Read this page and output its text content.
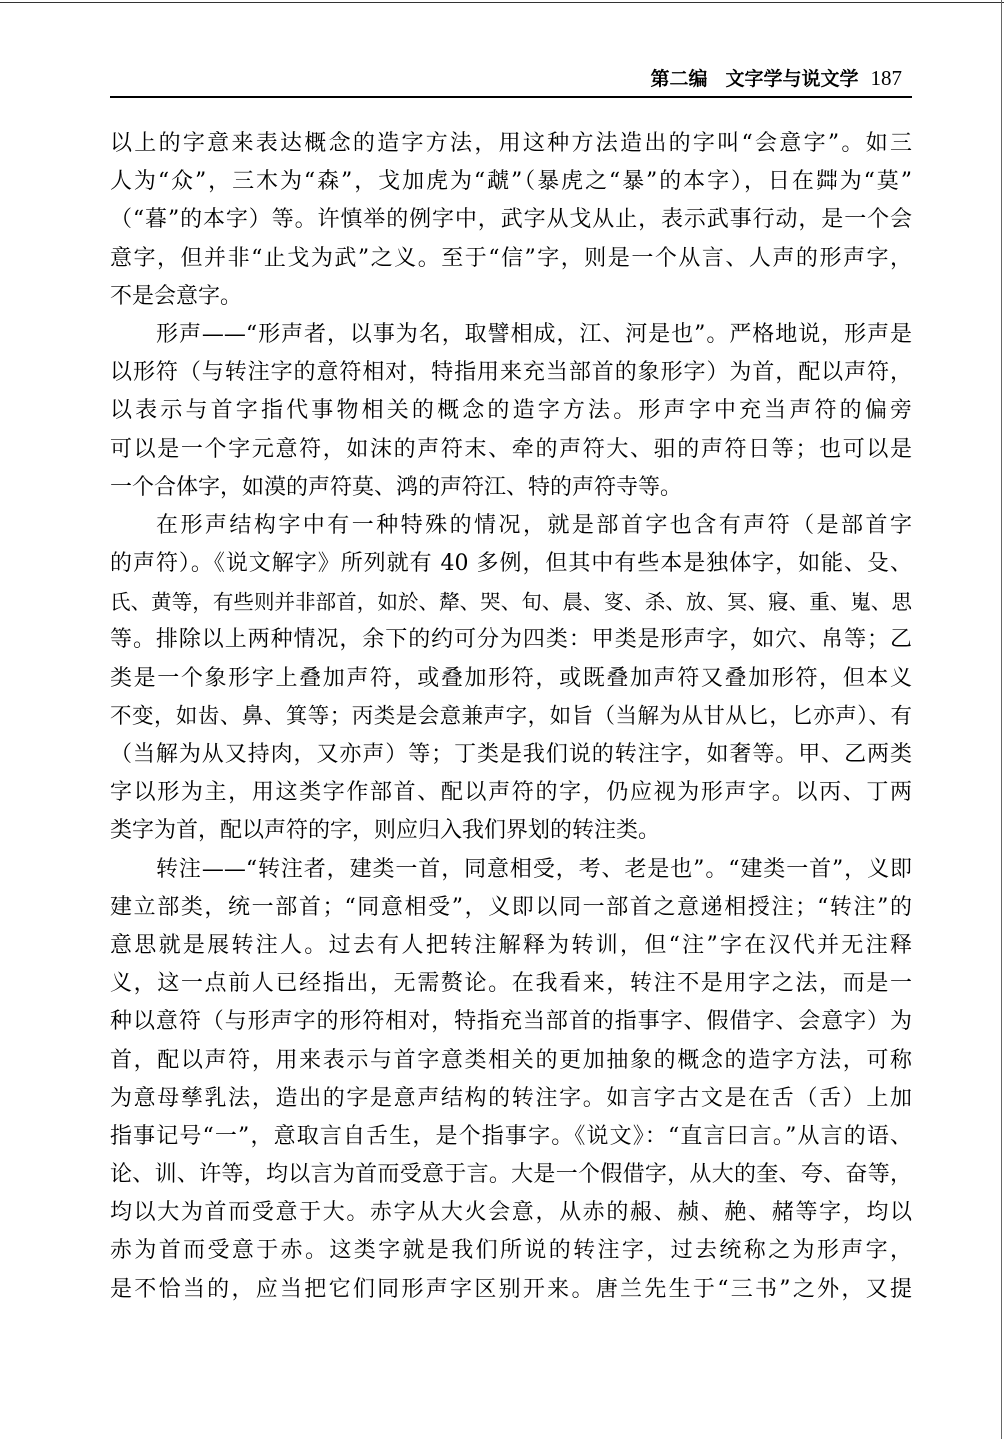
第二编 文字学与说文学 187
以上的字意来表达概念的造字方法，用这种方法造出的字叫“会意字”。如三
人为“众”，三木为“森”，戈加虎为“虣”（暴虎之“暴”的本字），日在茻为“莫”
（“暮”的本字）等。许慎举的例字中，武字从戈从止，表示武事行动，是一个会
意字，但并非“止戈为武”之义。至于“信”字，则是一个从言、人声的形声字，
不是会意字。
形声——“形声者，以事为名，取譬相成，江、河是也”。严格地说，形声是
以形符（与转注字的意符相对，特指用来充当部首的象形字）为首，配以声符，
以表示与首字指代事物相关的概念的造字方法。形声字中充当声符的偏旁
可以是一个字元意符，如沫的声符末、牵的声符大、驲的声符日等；也可以是
一个合体字，如漠的声符莫、鸿的声符江、特的声符寺等。
在形声结构字中有一种特殊的情况，就是部首字也含有声符（是部首字
的声符）。《说文解字》所列就有 40 多例，但其中有些本是独体字，如能、殳、
氏、黄等，有些则并非部首，如於、犛、哭、旬、晨、叜、杀、放、冥、寢、重、嵬、思
等。排除以上两种情况，余下的约可分为四类：甲类是形声字，如穴、帛等；乙
类是一个象形字上叠加声符，或叠加形符，或既叠加声符又叠加形符，但本义
不变，如齿、鼻、箕等；丙类是会意兼声字，如旨（当解为从甘从匕，匕亦声）、有
（当解为从又持肉，又亦声）等；丁类是我们说的转注字，如奢等。甲、乙两类
字以形为主，用这类字作部首、配以声符的字，仍应视为形声字。以丙、丁两
类字为首，配以声符的字，则应归入我们界划的转注类。
转注——“转注者，建类一首，同意相受，考、老是也”。“建类一首”，义即
建立部类，统一部首；“同意相受”，义即以同一部首之意递相授注；“转注”的
意思就是展转注人。过去有人把转注解释为转训，但“注”字在汉代并无注释
义，这一点前人已经指出，无需赘论。在我看来，转注不是用字之法，而是一
种以意符（与形声字的形符相对，特指充当部首的指事字、假借字、会意字）为
首，配以声符，用来表示与首字意类相关的更加抽象的概念的造字方法，可称
为意母孳乳法，造出的字是意声结构的转注字。如言字古文是在舌（舌）上加
指事记号“一”，意取言自舌生，是个指事字。《说文》：“直言曰言。”从言的语、
论、训、许等，均以言为首而受意于言。大是一个假借字，从大的奎、夸、奋等，
均以大为首而受意于大。赤字从大火会意，从赤的赧、赪、赩、赭等字，均以
赤为首而受意于赤。这类字就是我们所说的转注字，过去统称之为形声字，
是不恰当的，应当把它们同形声字区别开来。唐兰先生于“三书”之外，又提
